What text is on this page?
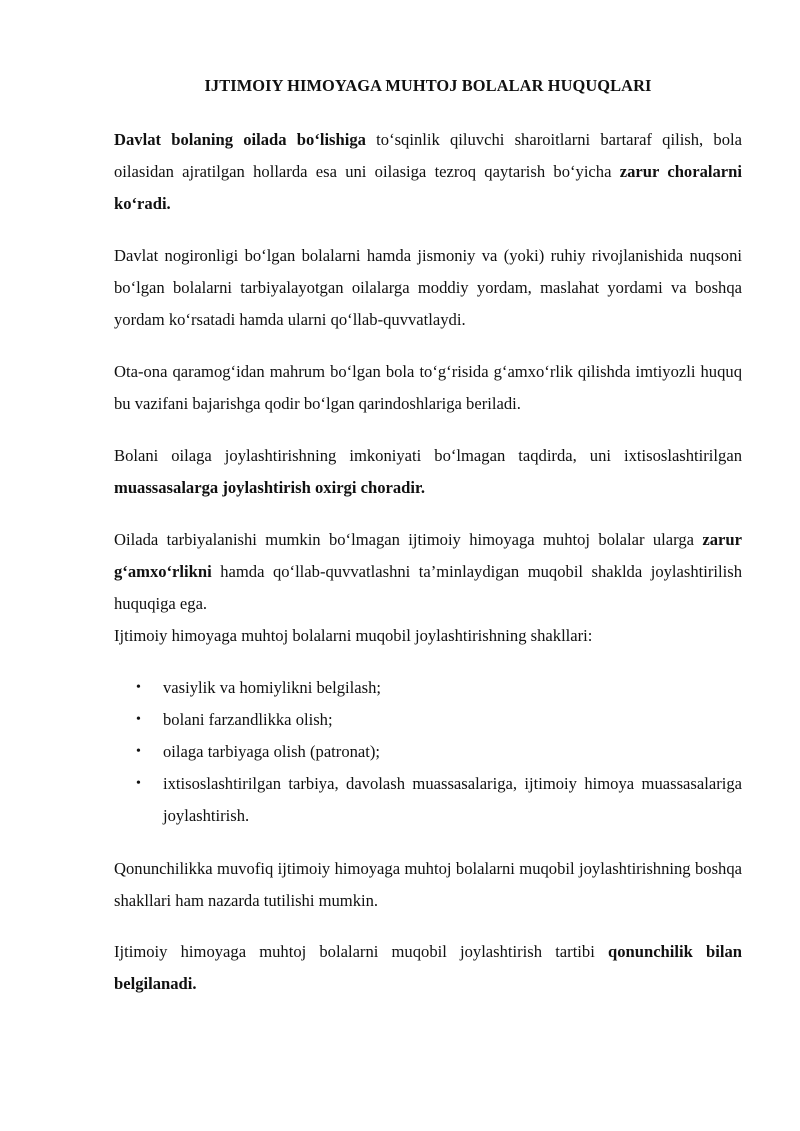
IJTIMOIY HIMOYAGA MUHTOJ BOLALAR HUQUQLARI
Davlat bolaning oilada bo‘lishiga to‘sqinlik qiluvchi sharoitlarni bartaraf qilish, bola oilasidan ajratilgan hollarda esa uni oilasiga tezroq qaytarish bo‘yicha zarur choralarni ko‘radi.
Davlat nogironligi bo‘lgan bolalarni hamda jismoniy va (yoki) ruhiy rivojlanishida nuqsoni bo‘lgan bolalarni tarbiyalayotgan oilalarga moddiy yordam, maslahat yordami va boshqa yordam ko‘rsatadi hamda ularni qo‘llab-quvvatlaydi.
Ota-ona qaramog‘idan mahrum bo‘lgan bola to‘g‘risida g‘amxo‘rlik qilishda imtiyozli huquq bu vazifani bajarishga qodir bo‘lgan qarindoshlariga beriladi.
Bolani oilaga joylashtirishning imkoniyati bo‘lmagan taqdirda, uni ixtisoslashtirilgan muassasalarga joylashtirish oxirgi choradir.
Oilada tarbiyalanishi mumkin bo‘lmagan ijtimoiy himoyaga muhtoj bolalar ularga zarur g‘amxo‘rlikni hamda qo‘llab-quvvatlashni ta’minlaydigan muqobil shaklda joylashtirilish huquqiga ega.
Ijtimoiy himoyaga muhtoj bolalarni muqobil joylashtirishning shakllari:
• vasiylik va homiylikni belgilash;
• bolani farzandlikka olish;
• oilaga tarbiyaga olish (patronat);
• ixtisoslashtirilgan tarbiya, davolash muassasalariga, ijtimoiy himoya muassasalariga joylashtirish.
Qonunchilikka muvofiq ijtimoiy himoyaga muhtoj bolalarni muqobil joylashtirishning boshqa shakllari ham nazarda tutilishi mumkin.
Ijtimoiy himoyaga muhtoj bolalarni muqobil joylashtirish tartibi qonunchilik bilan belgilanadi.
